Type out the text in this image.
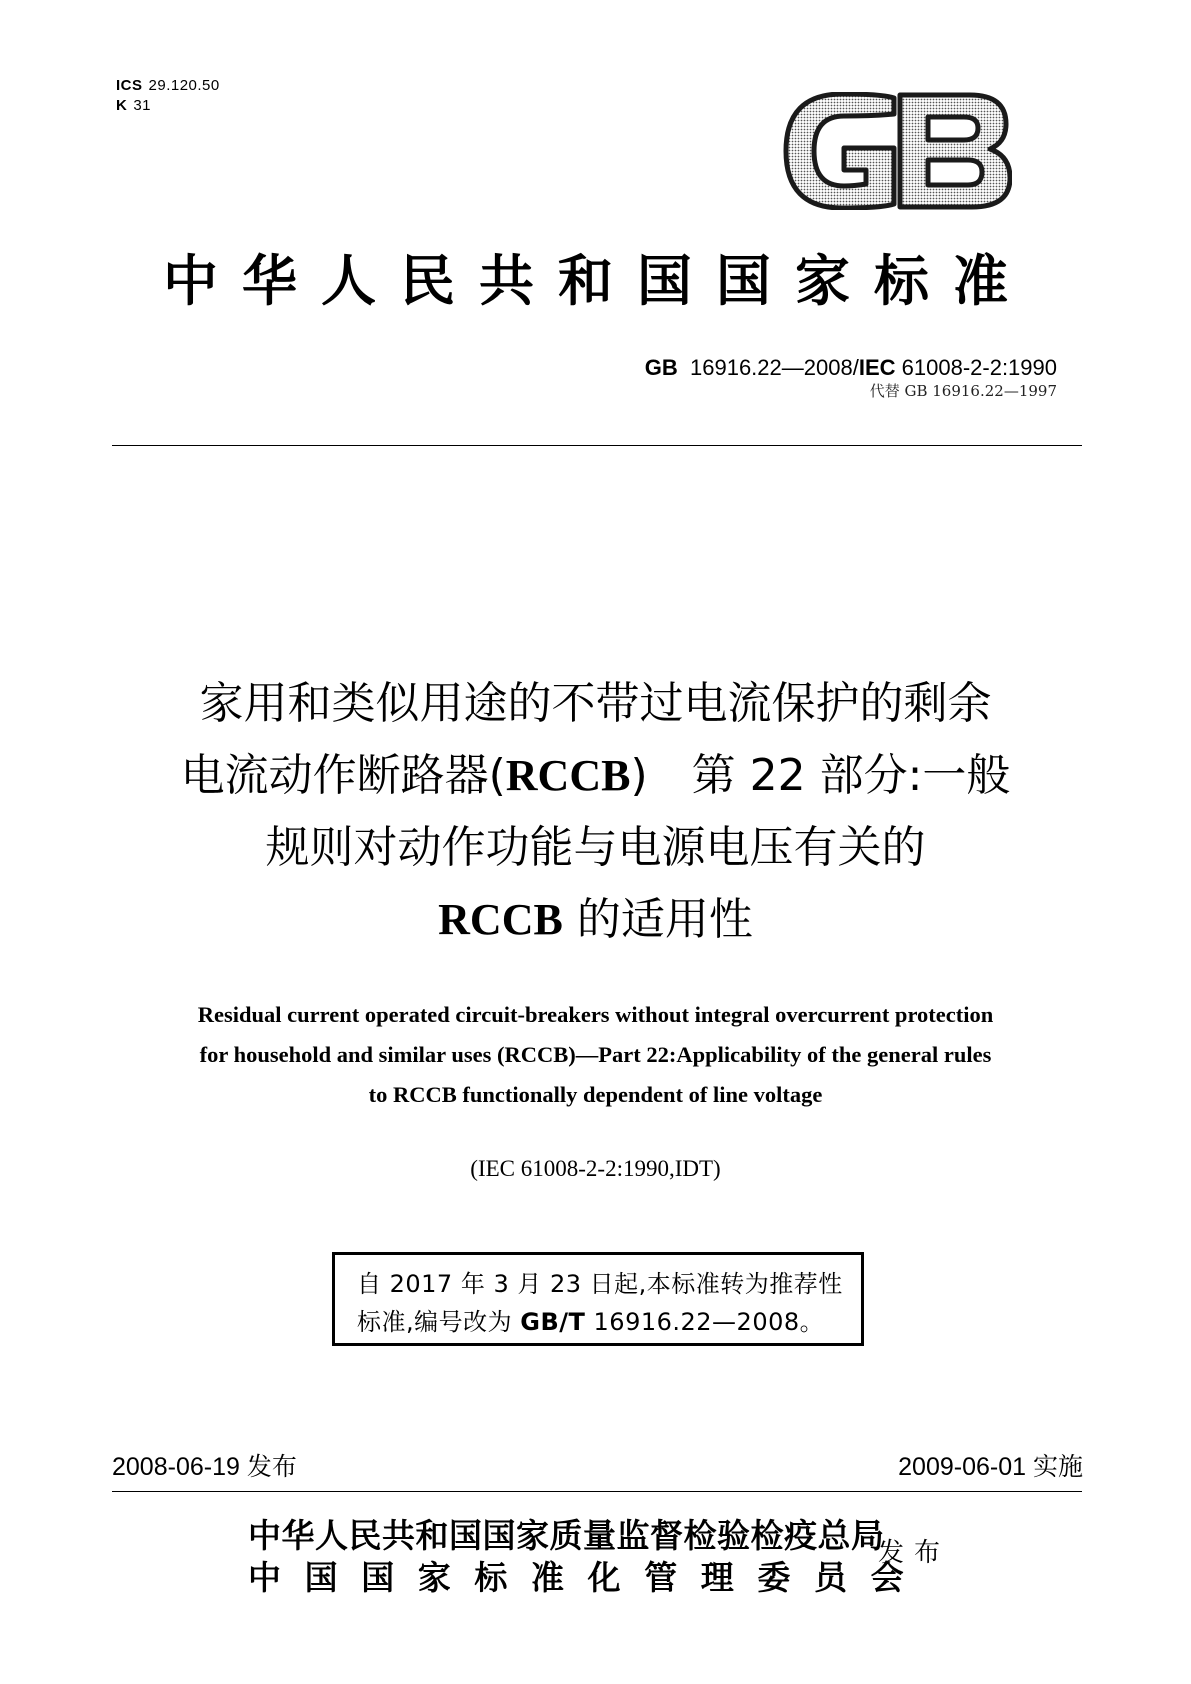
ICS 29.120.50
K 31
GB
中华人民共和国国家标准
GB 16916.22—2008/IEC 61008-2-2:1990
代替 GB 16916.22—1997
家用和类似用途的不带过电流保护的剩余
电流动作断路器(RCCB)　第 22 部分:一般
规则对动作功能与电源电压有关的
RCCB 的适用性
Residual current operated circuit-breakers without integral overcurrent protection
for household and similar uses (RCCB)—Part 22:Applicability of the general rules
to RCCB functionally dependent of line voltage
(IEC 61008-2-2:1990,IDT)
自 2017 年 3 月 23 日起,本标准转为推荐性
标准,编号改为 GB/T 16916.22—2008。
2008-06-19 发布	2009-06-01 实施
中华人民共和国国家质量监督检验检疫总局
中国国家标准化管理委员会
发布
